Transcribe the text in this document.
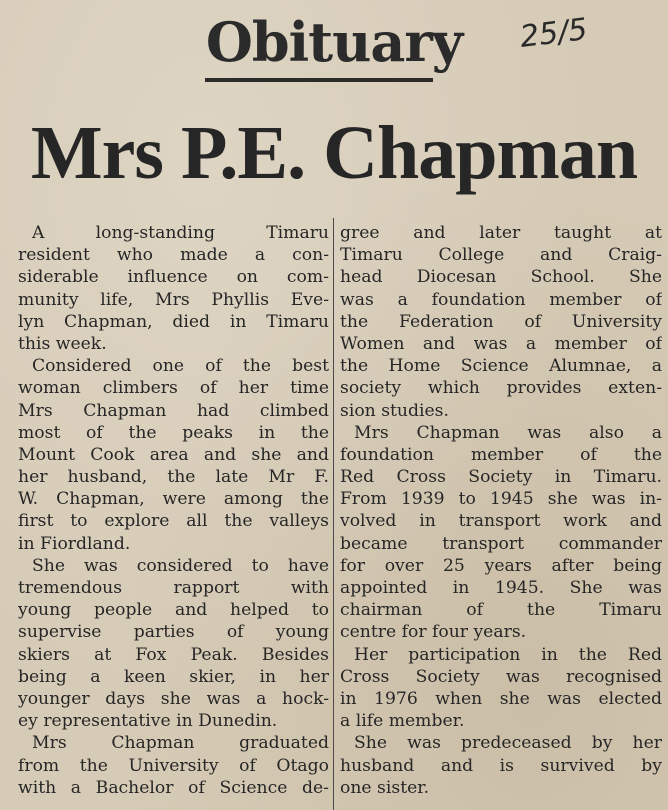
25/5
Obituary
Mrs P.E. Chapman
A long-standing Timaru
resident who made a con-
siderable influence on com-
munity life, Mrs Phyllis Eve-
lyn Chapman, died in Timaru
this week.
Considered one of the best
woman climbers of her time
Mrs Chapman had climbed
most of the peaks in the
Mount Cook area and she and
her husband, the late Mr F.
W. Chapman, were among the
first to explore all the valleys
in Fiordland.
She was considered to have
tremendous rapport with
young people and helped to
supervise parties of young
skiers at Fox Peak. Besides
being a keen skier, in her
younger days she was a hock-
ey representative in Dunedin.
Mrs Chapman graduated
from the University of Otago
with a Bachelor of Science de-
gree and later taught at
Timaru College and Craig-
head Diocesan School. She
was a foundation member of
the Federation of University
Women and was a member of
the Home Science Alumnae, a
society which provides exten-
sion studies.
Mrs Chapman was also a
foundation member of the
Red Cross Society in Timaru.
From 1939 to 1945 she was in-
volved in transport work and
became transport commander
for over 25 years after being
appointed in 1945. She was
chairman of the Timaru
centre for four years.
Her participation in the Red
Cross Society was recognised
in 1976 when she was elected
a life member.
She was predeceased by her
husband and is survived by
one sister.
